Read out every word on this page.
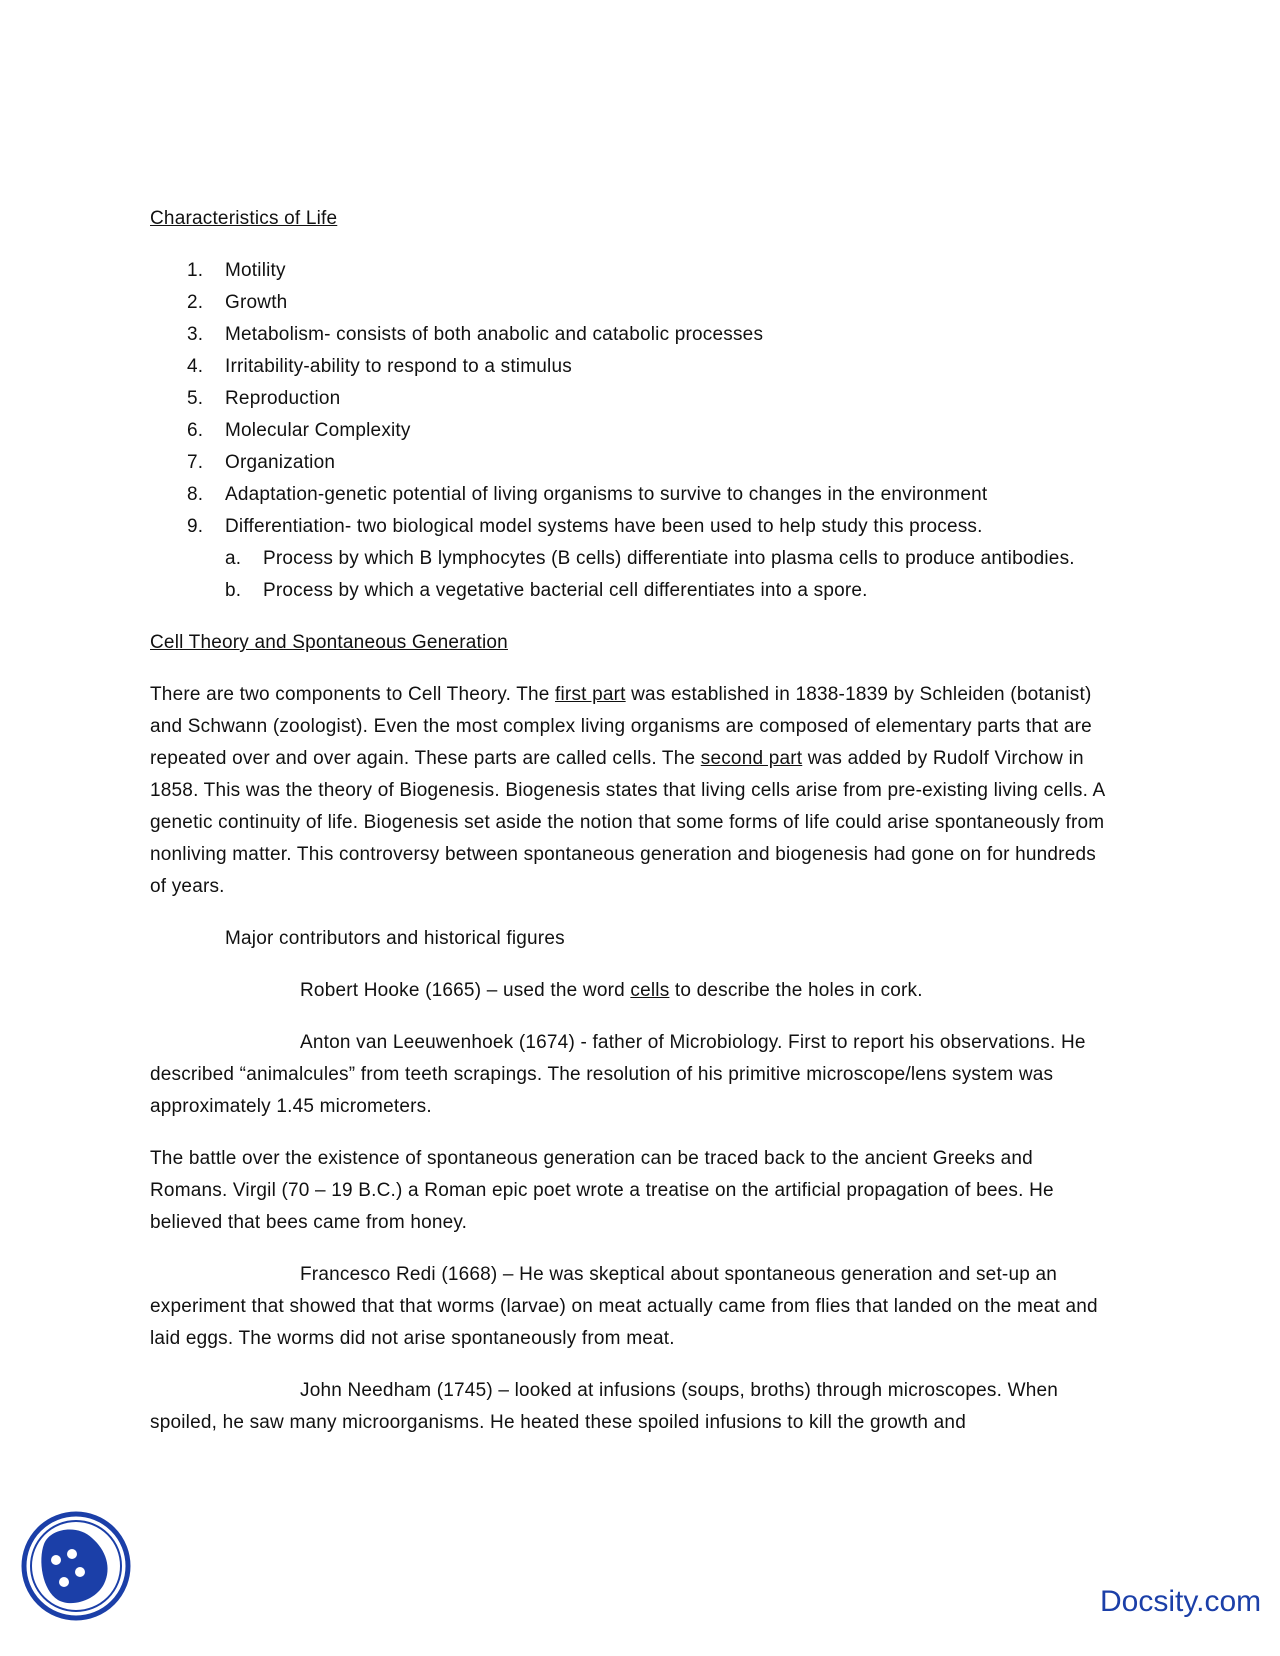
Characteristics of Life
1. Motility
2. Growth
3. Metabolism- consists of both anabolic and catabolic processes
4. Irritability-ability to respond to a stimulus
5. Reproduction
6. Molecular Complexity
7. Organization
8. Adaptation-genetic potential of living organisms to survive to changes in the environment
9. Differentiation- two biological model systems have been used to help study this process.
a. Process by which B lymphocytes (B cells) differentiate into plasma cells to produce antibodies.
b. Process by which a vegetative bacterial cell differentiates into a spore.
Cell Theory and Spontaneous Generation

There are two components to Cell Theory. The first part was established in 1838-1839 by Schleiden (botanist) and Schwann (zoologist). Even the most complex living organisms are composed of elementary parts that are repeated over and over again. These parts are called cells. The second part was added by Rudolf Virchow in 1858. This was the theory of Biogenesis. Biogenesis states that living cells arise from pre-existing living cells. A genetic continuity of life. Biogenesis set aside the notion that some forms of life could arise spontaneously from nonliving matter. This controversy between spontaneous generation and biogenesis had gone on for hundreds of years.

Major contributors and historical figures

Robert Hooke (1665) – used the word cells to describe the holes in cork.

Anton van Leeuwenhoek (1674) - father of Microbiology. First to report his observations. He described “animalcules” from teeth scrapings. The resolution of his primitive microscope/lens system was approximately 1.45 micrometers.

The battle over the existence of spontaneous generation can be traced back to the ancient Greeks and Romans. Virgil (70 – 19 B.C.) a Roman epic poet wrote a treatise on the artificial propagation of bees. He believed that bees came from honey.

Francesco Redi (1668) – He was skeptical about spontaneous generation and set-up an experiment that showed that that worms (larvae) on meat actually came from flies that landed on the meat and laid eggs. The worms did not arise spontaneously from meat.

John Needham (1745) – looked at infusions (soups, broths) through microscopes. When spoiled, he saw many microorganisms. He heated these spoiled infusions to kill the growth and

Docsity.com
